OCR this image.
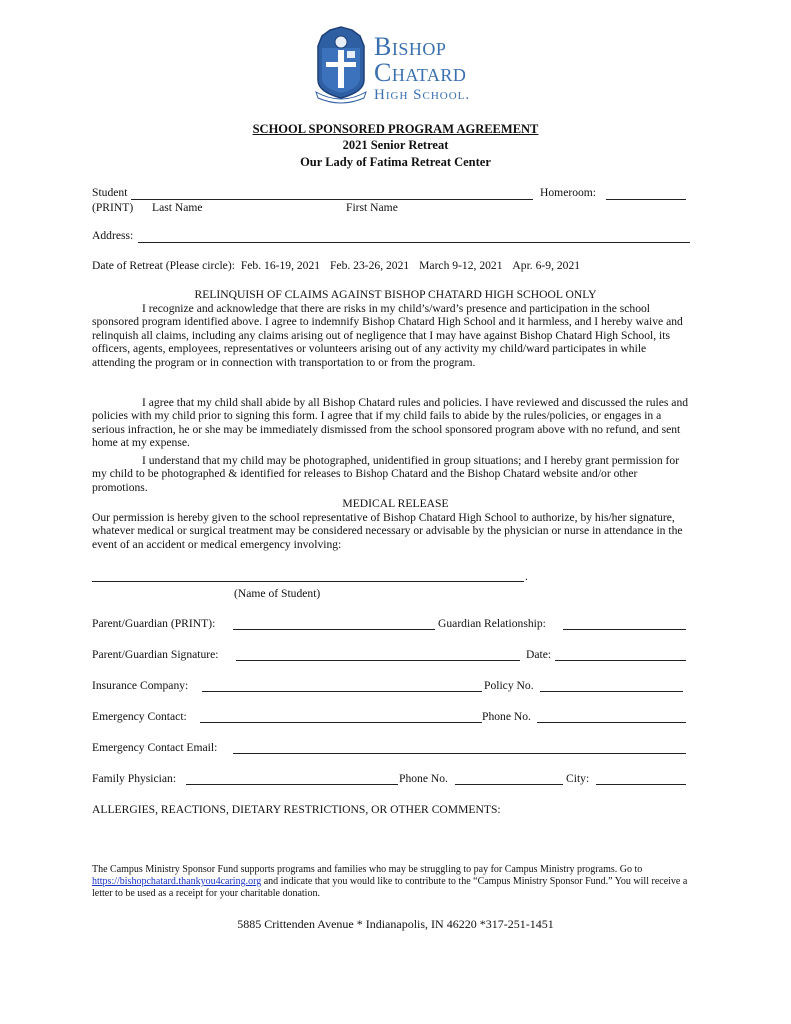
Bishop
Chatard
High School.
SCHOOL SPONSORED PROGRAM AGREEMENT
2021 Senior Retreat
Our Lady of Fatima Retreat Center
Student	Homeroom:
(PRINT) Last Name	First Name
Address:
Date of Retreat (Please circle): Feb. 16-19, 2021 Feb. 23-26, 2021 March 9-12, 2021 Apr. 6-9, 2021
RELINQUISH OF CLAIMS AGAINST BISHOP CHATARD HIGH SCHOOL ONLY
I recognize and acknowledge that there are risks in my child’s/ward’s presence and participation in the school sponsored program identified above. I agree to indemnify Bishop Chatard High School and it harmless, and I hereby waive and relinquish all claims, including any claims arising out of negligence that I may have against Bishop Chatard High School, its officers, agents, employees, representatives or volunteers arising out of any activity my child/ward participates in while attending the program or in connection with transportation to or from the program.
I agree that my child shall abide by all Bishop Chatard rules and policies. I have reviewed and discussed the rules and policies with my child prior to signing this form. I agree that if my child fails to abide by the rules/policies, or engages in a serious infraction, he or she may be immediately dismissed from the school sponsored program above with no refund, and sent home at my expense.
I understand that my child may be photographed, unidentified in group situations; and I hereby grant permission for my child to be photographed & identified for releases to Bishop Chatard and the Bishop Chatard website and/or other promotions.
MEDICAL RELEASE
Our permission is hereby given to the school representative of Bishop Chatard High School to authorize, by his/her signature, whatever medical or surgical treatment may be considered necessary or advisable by the physician or nurse in attendance in the event of an accident or medical emergency involving:
.
(Name of Student)
Parent/Guardian (PRINT):	Guardian Relationship:
Parent/Guardian Signature:	Date:
Insurance Company:	Policy No.
Emergency Contact:	Phone No.
Emergency Contact Email:
Family Physician:	Phone No.	City:
ALLERGIES, REACTIONS, DIETARY RESTRICTIONS, OR OTHER COMMENTS:
The Campus Ministry Sponsor Fund supports programs and families who may be struggling to pay for Campus Ministry programs. Go to https://bishopchatard.thankyou4caring.org and indicate that you would like to contribute to the “Campus Ministry Sponsor Fund.” You will receive a letter to be used as a receipt for your charitable donation.
5885 Crittenden Avenue * Indianapolis, IN 46220 *317-251-1451
